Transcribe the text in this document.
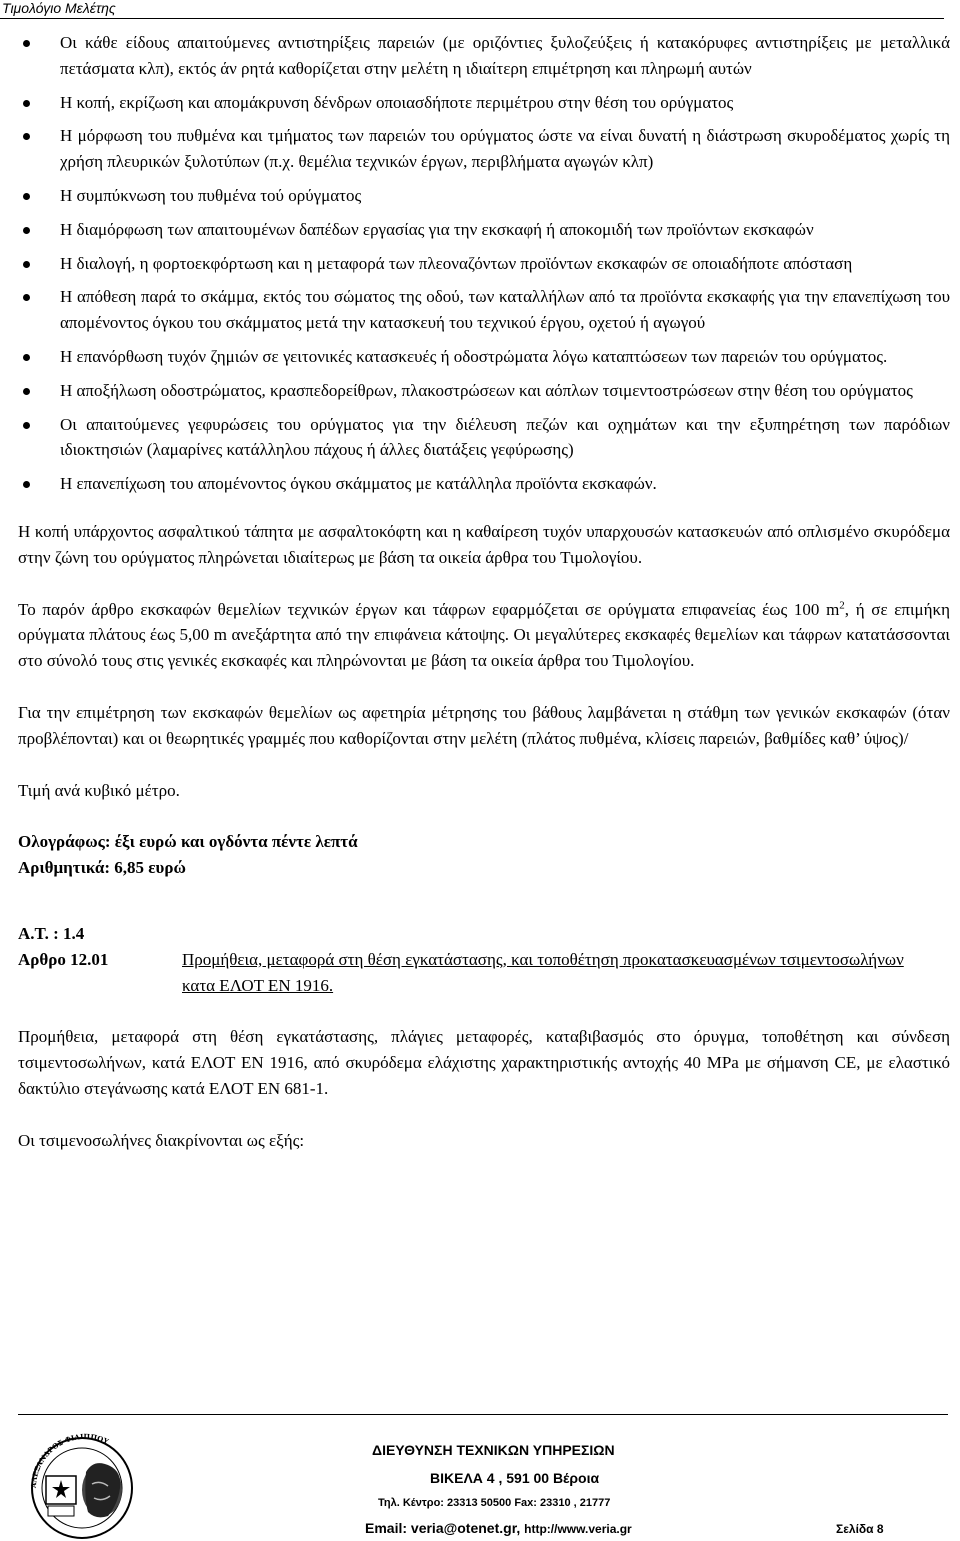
Τιμολόγιο Μελέτης
Οι κάθε είδους απαιτούμενες αντιστηρίξεις παρειών (με οριζόντιες ξυλοζεύξεις ή κατακόρυφες αντιστηρίξεις με μεταλλικά πετάσματα κλπ), εκτός άν ρητά καθορίζεται στην μελέτη η ιδιαίτερη επιμέτρηση και πληρωμή αυτών
Η κοπή, εκρίζωση και απομάκρυνση δένδρων οποιασδήποτε περιμέτρου στην θέση του ορύγματος
Η μόρφωση του πυθμένα και τμήματος των παρειών του ορύγματος ώστε να είναι δυνατή η διάστρωση σκυροδέματος χωρίς τη χρήση πλευρικών ξυλοτύπων (π.χ. θεμέλια τεχνικών έργων, περιβλήματα αγωγών κλπ)
Η συμπύκνωση του πυθμένα τού ορύγματος
Η διαμόρφωση των απαιτουμένων δαπέδων εργασίας για την εκσκαφή ή αποκομιδή των προϊόντων εκσκαφών
Η διαλογή, η φορτοεκφόρτωση και η μεταφορά των πλεοναζόντων προϊόντων εκσκαφών σε οποιαδήποτε απόσταση
Η απόθεση παρά το σκάμμα, εκτός του σώματος της οδού, των καταλλήλων από τα προϊόντα εκσκαφής για την επανεπίχωση του απομένοντος όγκου του σκάμματος μετά την κατασκευή του τεχνικού έργου, οχετού ή αγωγού
Η επανόρθωση τυχόν ζημιών σε γειτονικές κατασκευές ή οδοστρώματα λόγω καταπτώσεων των παρειών του ορύγματος.
Η αποξήλωση οδοστρώματος, κρασπεδορείθρων, πλακοστρώσεων και αόπλων τσιμεντοστρώσεων στην θέση του ορύγματος
Οι απαιτούμενες γεφυρώσεις του ορύγματος για την διέλευση πεζών και οχημάτων και την εξυπηρέτηση των παρόδιων ιδιοκτησιών (λαμαρίνες κατάλληλου πάχους ή άλλες διατάξεις γεφύρωσης)
Η επανεπίχωση του απομένοντος όγκου σκάμματος με κατάλληλα προϊόντα εκσκαφών.

Η κοπή υπάρχοντος ασφαλτικού τάπητα με ασφαλτοκόφτη και η καθαίρεση τυχόν υπαρχουσών κατασκευών από οπλισμένο σκυρόδεμα στην ζώνη του ορύγματος πληρώνεται ιδιαίτερως με βάση τα οικεία άρθρα του Τιμολογίου.

Το παρόν άρθρο εκσκαφών θεμελίων τεχνικών έργων και τάφρων εφαρμόζεται σε ορύγματα επιφανείας έως 100 $m^2$, ή σε επιμήκη ορύγματα πλάτους έως 5,00 m ανεξάρτητα από την επιφάνεια κάτοψης. Οι μεγαλύτερες εκσκαφές θεμελίων και τάφρων κατατάσσονται στο σύνολό τους στις γενικές εκσκαφές και πληρώνονται με βάση τα οικεία άρθρα του Τιμολογίου.

Για την επιμέτρηση των εκσκαφών θεμελίων ως αφετηρία μέτρησης του βάθους λαμβάνεται η στάθμη των γενικών εκσκαφών (όταν προβλέπονται) και οι θεωρητικές γραμμές που καθορίζονται στην μελέτη (πλάτος πυθμένα, κλίσεις παρειών, βαθμίδες καθ’ ύψος)/

Τιμή ανά κυβικό μέτρο.

Ολογράφως: έξι ευρώ και ογδόντα πέντε λεπτά

Αριθμητικά: 6,85 ευρώ

Α.Τ. : 1.4
Αρθρο 12.01	Προμήθεια, μεταφορά στη θέση εγκατάστασης, και τοποθέτηση προκατασκευασμένων τσιμεντοσωλήνων κατα ΕΛΟΤ ΕΝ 1916.

Προμήθεια, μεταφορά στη θέση εγκατάστασης, πλάγιες μεταφορές, καταβιβασμός στο όρυγμα, τοποθέτηση και σύνδεση τσιμεντοσωλήνων, κατά ΕΛΟΤ ΕΝ 1916, από σκυρόδεμα ελάχιστης χαρακτηριστικής αντοχής 40 MPa με σήμανση CE, με ελαστικό δακτύλιο στεγάνωσης κατά ΕΛΟΤ ΕΝ 681-1.

Οι τσιμενοσωλήνες διακρίνονται ως εξής:

ΑΛΕΞΑΝΔΡΟΣ ΦΙΛΙΠΠΟΥ
ΔΙΕΥΘΥΝΣΗ ΤΕΧΝΙΚΩΝ ΥΠΗΡΕΣΙΩΝ
ΒΙΚΕΛΑ 4 , 591 00 Βέροια
Τηλ. Κέντρο: 23313 50500 Fax: 23310 , 21777
Email: veria@otenet.gr, http://www.veria.gr	Σελίδα 8
